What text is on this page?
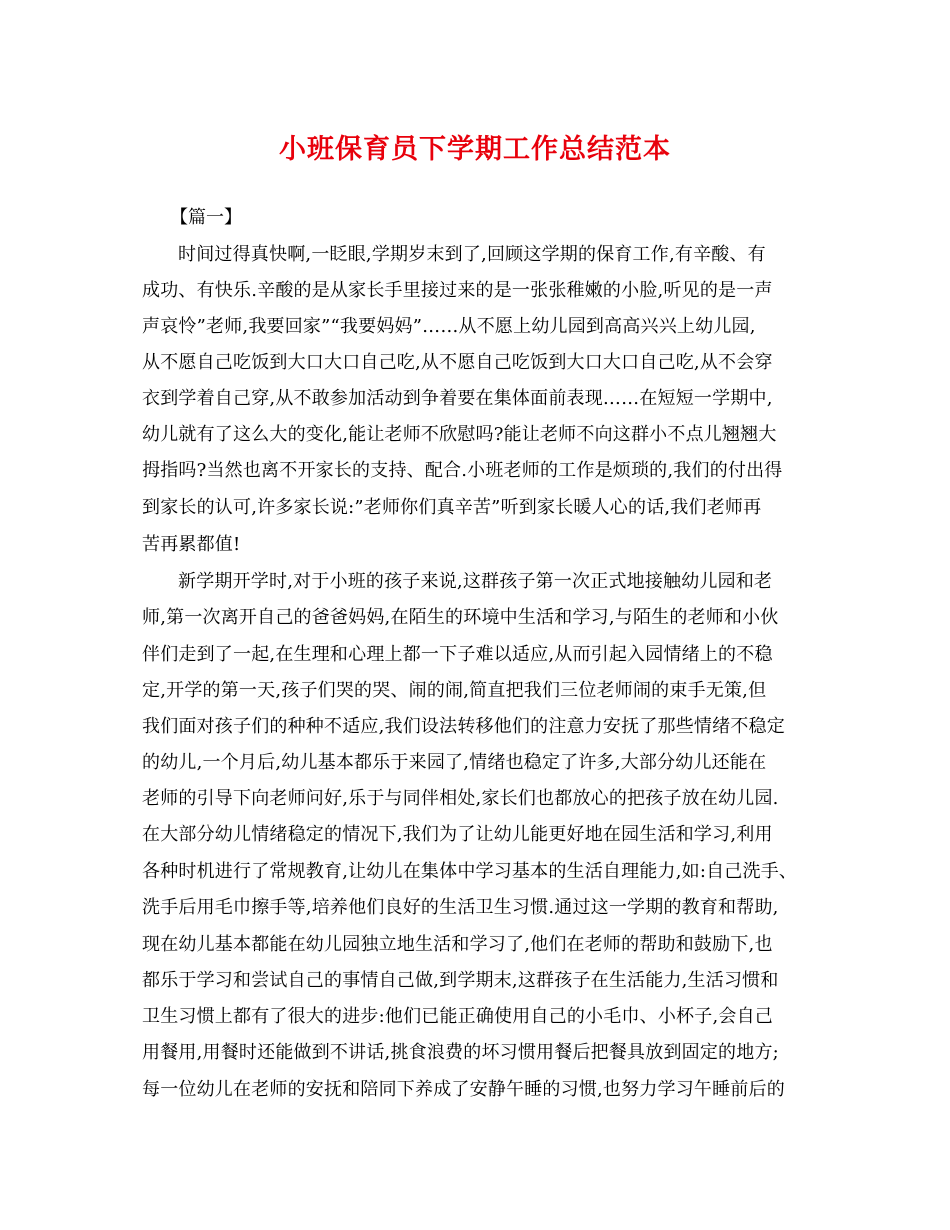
小班保育员下学期工作总结范本
【篇一】
时间过得真快啊,一眨眼,学期岁末到了,回顾这学期的保育工作,有辛酸、有
成功、有快乐.辛酸的是从家长手里接过来的是一张张稚嫩的小脸,听见的是一声
声哀怜”老师,我要回家”“我要妈妈”……从不愿上幼儿园到高高兴兴上幼儿园,
从不愿自己吃饭到大口大口自己吃,从不愿自己吃饭到大口大口自己吃,从不会穿
衣到学着自己穿,从不敢参加活动到争着要在集体面前表现……在短短一学期中,
幼儿就有了这么大的变化,能让老师不欣慰吗?能让老师不向这群小不点儿翘翘大
拇指吗?当然也离不开家长的支持、配合.小班老师的工作是烦琐的,我们的付出得
到家长的认可,许多家长说:”老师你们真辛苦”听到家长暖人心的话,我们老师再
苦再累都值!
新学期开学时,对于小班的孩子来说,这群孩子第一次正式地接触幼儿园和老
师,第一次离开自己的爸爸妈妈,在陌生的环境中生活和学习,与陌生的老师和小伙
伴们走到了一起,在生理和心理上都一下子难以适应,从而引起入园情绪上的不稳
定,开学的第一天,孩子们哭的哭、闹的闹,简直把我们三位老师闹的束手无策,但
我们面对孩子们的种种不适应,我们设法转移他们的注意力安抚了那些情绪不稳定
的幼儿,一个月后,幼儿基本都乐于来园了,情绪也稳定了许多,大部分幼儿还能在
老师的引导下向老师问好,乐于与同伴相处,家长们也都放心的把孩子放在幼儿园.
在大部分幼儿情绪稳定的情况下,我们为了让幼儿能更好地在园生活和学习,利用
各种时机进行了常规教育,让幼儿在集体中学习基本的生活自理能力,如:自己洗手、
洗手后用毛巾擦手等,培养他们良好的生活卫生习惯.通过这一学期的教育和帮助,
现在幼儿基本都能在幼儿园独立地生活和学习了,他们在老师的帮助和鼓励下,也
都乐于学习和尝试自己的事情自己做,到学期末,这群孩子在生活能力,生活习惯和
卫生习惯上都有了很大的进步:他们已能正确使用自己的小毛巾、小杯子,会自己
用餐用,用餐时还能做到不讲话,挑食浪费的坏习惯用餐后把餐具放到固定的地方;
每一位幼儿在老师的安抚和陪同下养成了安静午睡的习惯,也努力学习午睡前后的
